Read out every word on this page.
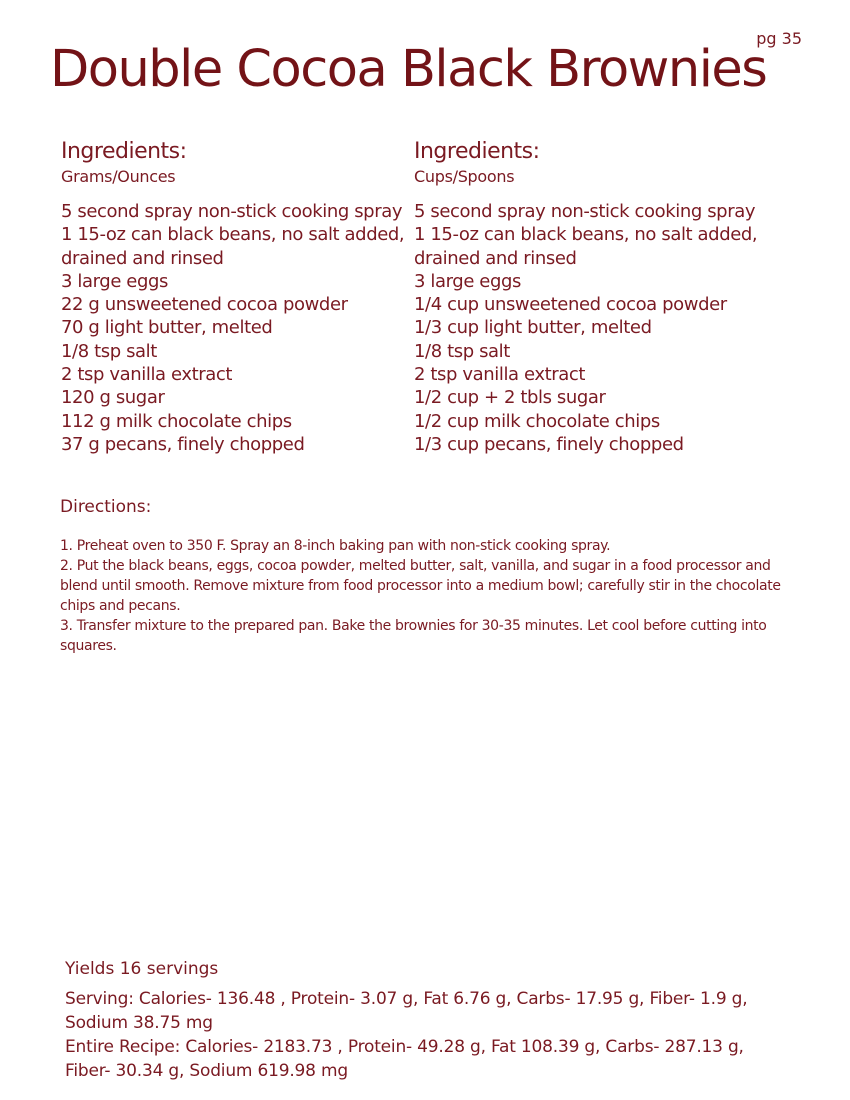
pg 35
Double Cocoa Black Brownies
Ingredients:
Grams/Ounces
5 second spray non-stick cooking spray
1 15-oz can black beans, no salt added,
drained and rinsed
3 large eggs
22 g unsweetened cocoa powder
70 g light butter, melted
1/8 tsp salt
2 tsp vanilla extract
120 g sugar
112 g milk chocolate chips
37 g pecans, finely chopped
Ingredients:
Cups/Spoons
5 second spray non-stick cooking spray
1 15-oz can black beans, no salt added,
drained and rinsed
3 large eggs
1/4 cup unsweetened cocoa powder
1/3 cup light butter, melted
1/8 tsp salt
2 tsp vanilla extract
1/2 cup + 2 tbls sugar
1/2 cup milk chocolate chips
1/3 cup pecans, finely chopped
Directions:
1. Preheat oven to 350 F. Spray an 8-inch baking pan with non-stick cooking spray.
2. Put the black beans, eggs, cocoa powder, melted butter, salt, vanilla, and sugar in a food processor and blend until smooth. Remove mixture from food processor into a medium bowl; carefully stir in the chocolate chips and pecans.
3. Transfer mixture to the prepared pan. Bake the brownies for 30-35 minutes. Let cool before cutting into squares.
Yields 16 servings

Serving: Calories- 136.48 , Protein- 3.07 g, Fat 6.76 g, Carbs- 17.95 g, Fiber- 1.9 g, Sodium 38.75 mg

Entire Recipe: Calories- 2183.73 , Protein- 49.28 g, Fat 108.39 g, Carbs- 287.13 g, Fiber- 30.34 g, Sodium 619.98 mg
